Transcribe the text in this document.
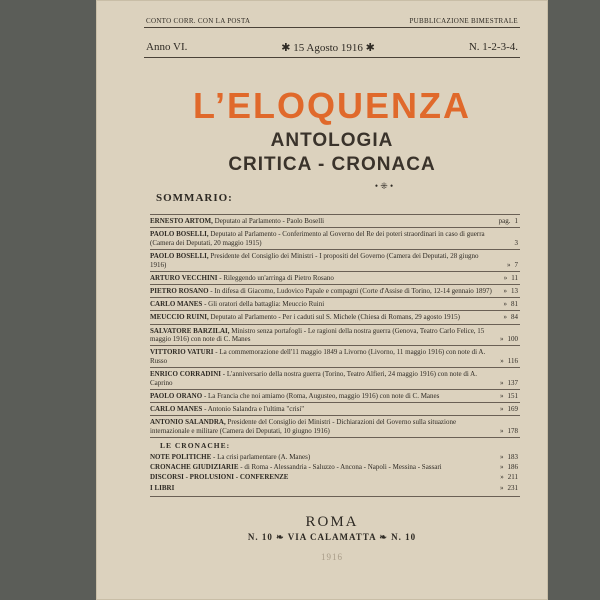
CONTO CORR. CON LA POSTA	PUBBLICAZIONE BIMESTRALE
Anno VI.	✱ 15 Agosto 1916 ✱	N. 1-2-3-4.
L’ELOQUENZA
ANTOLOGIA
CRITICA - CRONACA
• ⁜ •
SOMMARIO:
ERNESTO ARTOM, Deputato al Parlamento - Paolo Boselli	pag. 1
PAOLO BOSELLI, Deputato al Parlamento - Conferimento al Governo del Re dei poteri straordinari in caso di guerra (Camera dei Deputati, 20 maggio 1915)	3
PAOLO BOSELLI, Presidente del Consiglio dei Ministri - I propositi del Governo (Camera dei Deputati, 28 giugno 1916)	» 7
ARTURO VECCHINI - Rileggendo un'arringa di Pietro Rosano	» 11
PIETRO ROSANO - In difesa di Giacomo, Ludovico Papale e compagni (Corte d'Assise di Torino, 12-14 gennaio 1897)	» 13
CARLO MANES - Gli oratori della battaglia: Meuccio Ruini	» 81
MEUCCIO RUINI, Deputato al Parlamento - Per i caduti sul S. Michele (Chiesa di Romans, 29 agosto 1915)	» 84
SALVATORE BARZILAI, Ministro senza portafogli - Le ragioni della nostra guerra (Genova, Teatro Carlo Felice, 15 maggio 1916) con note di C. Manes	» 100
VITTORIO VATURI - La commemorazione dell'11 maggio 1849 a Livorno (Livorno, 11 maggio 1916) con note di A. Russo	» 116
ENRICO CORRADINI - L'anniversario della nostra guerra (Torino, Teatro Alfieri, 24 maggio 1916) con note di A. Caprino	» 137
PAOLO ORANO - La Francia che noi amiamo (Roma, Augusteo, maggio 1916) con note di C. Manes	» 151
CARLO MANES - Antonio Salandra e l'ultima "crisi"	» 169
ANTONIO SALANDRA, Presidente del Consiglio dei Ministri - Dichiarazioni del Governo sulla situazione internazionale e militare (Camera dei Deputati, 10 giugno 1916)	» 178
LE CRONACHE:
NOTE POLITICHE - La crisi parlamentare (A. Manes)	» 183
CRONACHE GIUDIZIARIE - di Roma - Alessandria - Saluzzo - Ancona - Napoli - Messina - Sassari	» 186
DISCORSI - PROLUSIONI - CONFERENZE	» 211
I LIBRI	» 231
ROMA
N. 10 ❧ VIA CALAMATTA ❧ N. 10
1916
